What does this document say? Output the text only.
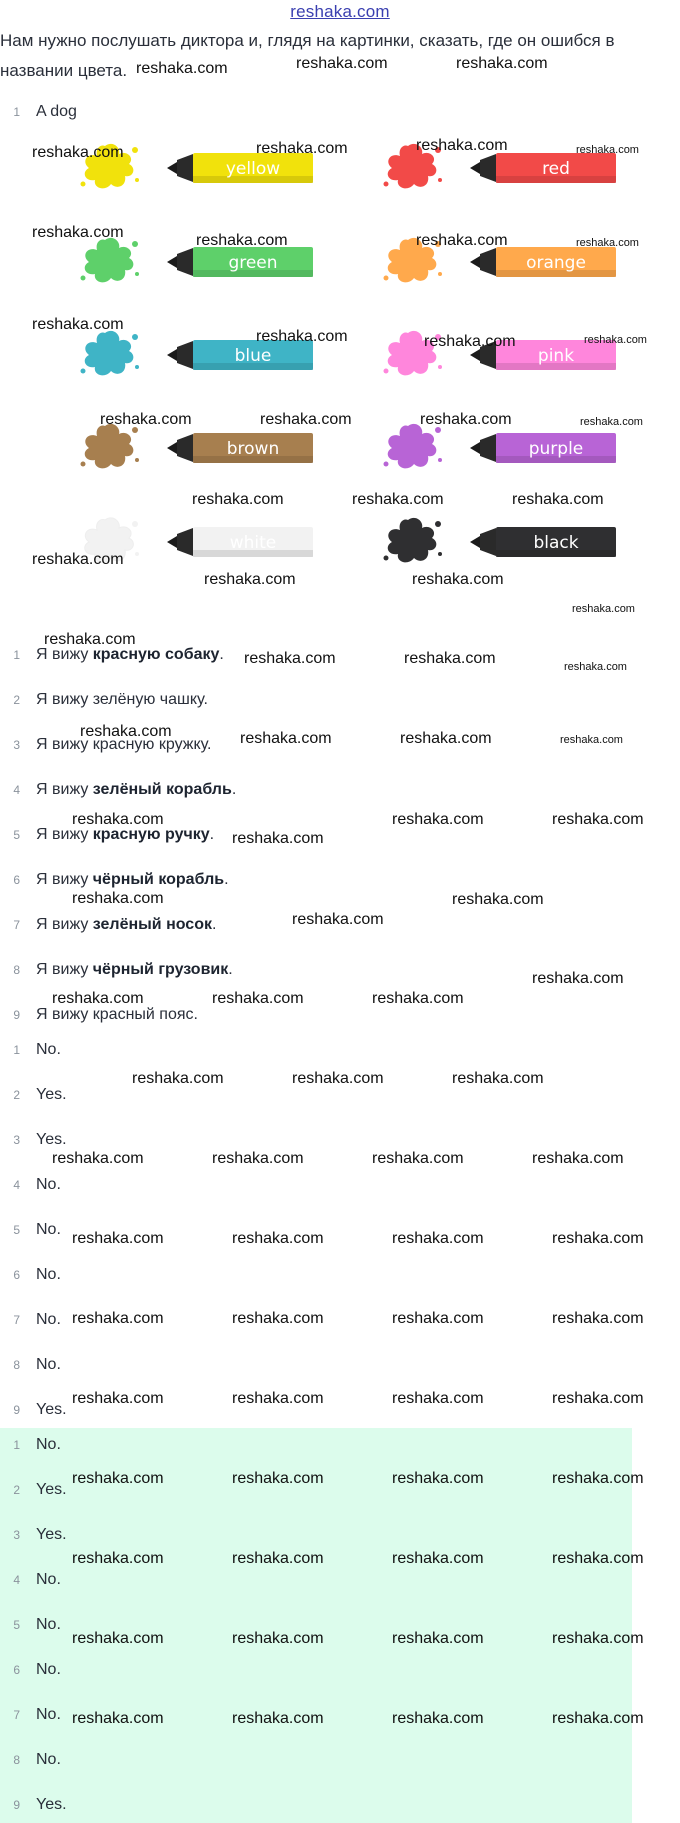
reshaka.com
Нам нужно послушать диктора и, глядя на картинки, сказать, где он ошибся в названии цвета.
1 A dog
yellow	red
green	orange
blue	pink
brown	purple
white	black
1 Я вижу красную собаку.
2 Я вижу зелёную чашку.
3 Я вижу красную кружку.
4 Я вижу зелёный корабль.
5 Я вижу красную ручку.
6 Я вижу чёрный корабль.
7 Я вижу зелёный носок.
8 Я вижу чёрный грузовик.
9 Я вижу красный пояс.
1 No.
2 Yes.
3 Yes.
4 No.
5 No.
6 No.
7 No.
8 No.
9 Yes.
1 No.
2 Yes.
3 Yes.
4 No.
5 No.
6 No.
7 No.
8 No.
9 Yes.
reshaka.com	reshaka.com	reshaka.com
reshaka.com	reshaka.com	reshaka.com	reshaka.com
reshaka.com	reshaka.com	reshaka.com	reshaka.com
reshaka.com
reshaka.com	reshaka.com	reshaka.com
reshaka.com	reshaka.com	reshaka.com	reshaka.com
reshaka.com	reshaka.com	reshaka.com
reshaka.com
reshaka.com	reshaka.com
reshaka.com
reshaka.com
reshaka.com	reshaka.com	reshaka.com
reshaka.com	reshaka.com	reshaka.com	reshaka.com
reshaka.com
reshaka.com
reshaka.com	reshaka.com
reshaka.com
reshaka.com
reshaka.com
reshaka.com	reshaka.com	reshaka.com
reshaka.com
reshaka.com	reshaka.com	reshaka.com
reshaka.com	reshaka.com	reshaka.com	reshaka.com
reshaka.com	reshaka.com	reshaka.com	reshaka.com
reshaka.com	reshaka.com	reshaka.com	reshaka.com
reshaka.com	reshaka.com	reshaka.com	reshaka.com
reshaka.com	reshaka.com	reshaka.com	reshaka.com
reshaka.com	reshaka.com	reshaka.com	reshaka.com
reshaka.com	reshaka.com	reshaka.com	reshaka.com
reshaka.com	reshaka.com	reshaka.com	reshaka.com
